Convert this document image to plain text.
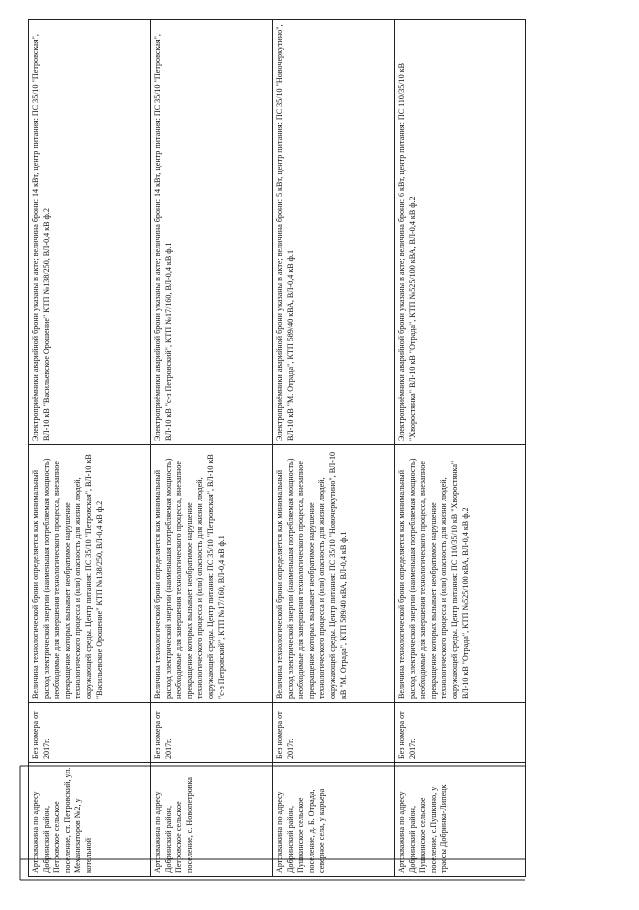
Артскважина по адресу Добринский район, Петровское сельское поселение, ст. Петровский, ул. Механизаторов №2, у котельной	Без номера от 2017г.	Величина технологической брони определяется как минимальный расход электрической энергии (наименьшая потребляемая мощность) необходимые для завершения технологического процесса, внезапное прекращение которых вызывает необратимое нарушение технологического процесса и (или) опасность для жизни людей, окружающей среды. Центр питания: ПС 35/10 "Петровская", ВЛ-10 кВ "Васильевское Орошение" КТП №138/250, ВЛ-0,4 кВ ф.2	Электроприёмники аварийной брони указаны в акте; величина брони: 14 кВт, центр питания: ПС 35/10 "Петровская", ВЛ-10 кВ "Васильевское Орошение" КТП №138/250, ВЛ-0,4 кВ ф.2
Артскважина по адресу Добринский район, Петровское сельское поселение, с. Новопетровка	Без номера от 2017г.	Величина технологической брони определяется как минимальный расход электрической энергии (наименьшая потребляемая мощность) необходимые для завершения технологического процесса, внезапное прекращение которых вызывает необратимое нарушение технологического процесса и (или) опасность для жизни людей, окружающей среды. Центр питания: ПС 35/10 "Петровская", ВЛ-10 кВ "с-з Петровский", КТП №17/160, ВЛ-0,4 кВ ф.1	Электроприёмники аварийной брони указаны в акте; величина брони: 14 кВт, центр питания: ПС 35/10 "Петровская", ВЛ-10 кВ "с-з Петровский", КТП №17/160, ВЛ-0,4 кВ ф.1
Артскважина по адресу Добринский район, Пушкинское сельское поселение, д. Б. Отрада, северное села, у карьера	Без номера от 2017г.	Величина технологической брони определяется как минимальный расход электрической энергии (наименьшая потребляемая мощность) необходимые для завершения технологического процесса, внезапное прекращение которых вызывает необратимое нарушение технологического процесса и (или) опасность для жизни людей, окружающей среды. Центр питания: ПС 35/10 "Новочеркутино", ВЛ-10 кВ "М. Отрада", КТП 589/40 кВА, ВЛ-0,4 кВ ф.1	Электроприёмники аварийной брони указаны в акте; величина брони: 5 кВт, центр питания: ПС 35/10 "Новочеркутино", ВЛ-10 кВ "М. Отрада", КТП 589/40 кВА, ВЛ-0,4 кВ ф.1
Артскважина по адресу Добринский район, Пушкинское сельское поселение, с.Пушкино, у трассы Добринка-Липецк	Без номера от 2017г.	Величина технологической брони определяется как минимальный расход электрической энергии (наименьшая потребляемая мощность) необходимые для завершения технологического процесса, внезапное прекращение которых вызывает необратимое нарушение технологического процесса и (или) опасность для жизни людей, окружающей среды. Центр питания: ПС 110/35/10 кВ "Хворостянка" ВЛ-10 кВ "Отрада", КТП №525/100 кВА, ВЛ-0,4 кВ ф.2	Электроприёмники аварийной брони указаны в акте; величина брони: 6 кВт, центр питания: ПС 110/35/10 кВ "Хворостянка" ВЛ-10 кВ "Отрада", КТП №525/100 кВА, ВЛ-0,4 кВ ф.2
